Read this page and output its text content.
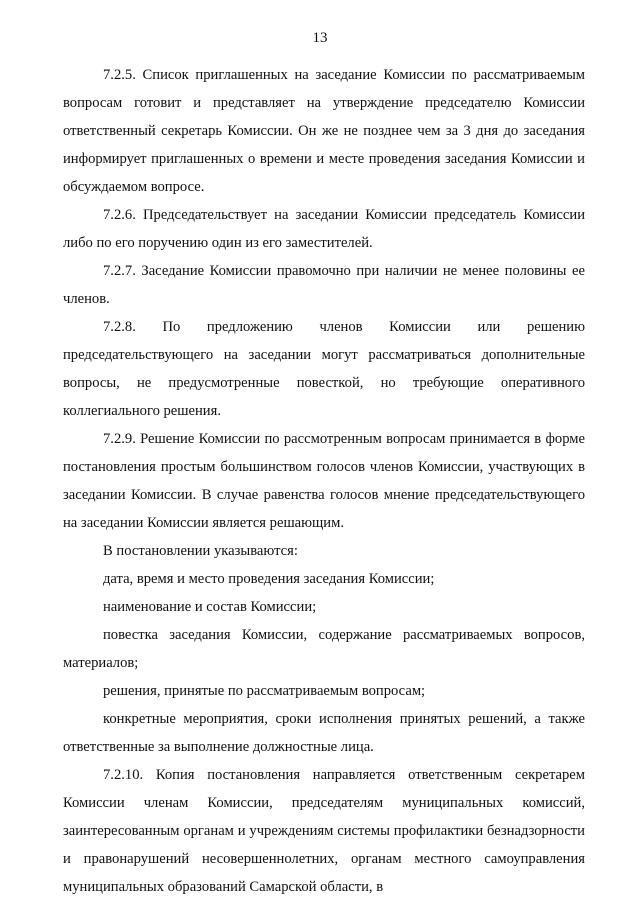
13

7.2.5. Список приглашенных на заседание Комиссии по рассматриваемым вопросам готовит и представляет на утверждение председателю Комиссии ответственный секретарь Комиссии. Он же не позднее чем за 3 дня до заседания информирует приглашенных о времени и месте проведения заседания Комиссии и обсуждаемом вопросе.

7.2.6. Председательствует на заседании Комиссии председатель Комиссии либо по его поручению один из его заместителей.

7.2.7. Заседание Комиссии правомочно при наличии не менее половины ее членов.

7.2.8. По предложению членов Комиссии или решению председательствующего на заседании могут рассматриваться дополнительные вопросы, не предусмотренные повесткой, но требующие оперативного коллегиального решения.

7.2.9. Решение Комиссии по рассмотренным вопросам принимается в форме постановления простым большинством голосов членов Комиссии, участвующих в заседании Комиссии. В случае равенства голосов мнение председательствующего на заседании Комиссии является решающим.

В постановлении указываются:

дата, время и место проведения заседания Комиссии;

наименование и состав Комиссии;

повестка заседания Комиссии, содержание рассматриваемых вопросов, материалов;

решения, принятые по рассматриваемым вопросам;

конкретные мероприятия, сроки исполнения принятых решений, а также ответственные за выполнение должностные лица.

7.2.10. Копия постановления направляется ответственным секретарем Комиссии членам Комиссии, председателям муниципальных комиссий, заинтересованным органам и учреждениям системы профилактики безнадзорности и правонарушений несовершеннолетних, органам местного самоуправления муниципальных образований Самарской области, в
